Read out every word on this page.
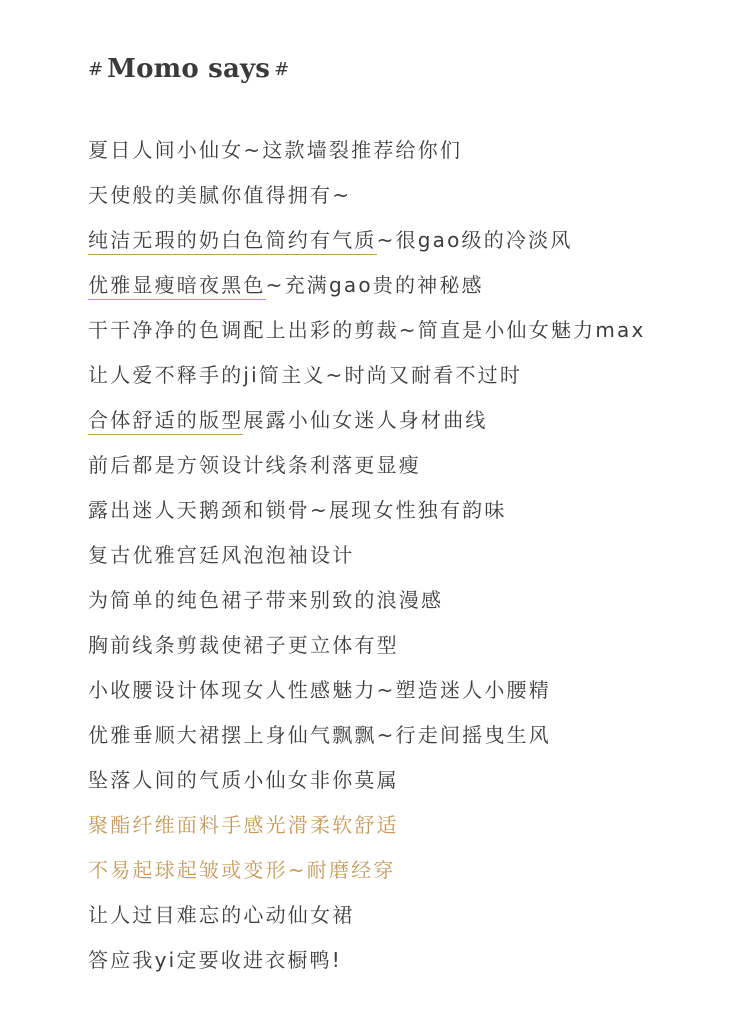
# Momo says #
夏日人间小仙女~这款墙裂推荐给你们
天使般的美腻你值得拥有~
纯洁无瑕的奶白色简约有气质~很gao级的冷淡风
优雅显瘦暗夜黑色~充满gao贵的神秘感
干干净净的色调配上出彩的剪裁~简直是小仙女魅力max
让人爱不释手的ji简主义~时尚又耐看不过时
合体舒适的版型展露小仙女迷人身材曲线
前后都是方领设计线条利落更显瘦
露出迷人天鹅颈和锁骨~展现女性独有韵味
复古优雅宫廷风泡泡袖设计
为简单的纯色裙子带来别致的浪漫感
胸前线条剪裁使裙子更立体有型
小收腰设计体现女人性感魅力~塑造迷人小腰精
优雅垂顺大裙摆上身仙气飘飘~行走间摇曳生风
坠落人间的气质小仙女非你莫属
聚酯纤维面料手感光滑柔软舒适
不易起球起皱或变形~耐磨经穿
让人过目难忘的心动仙女裙
答应我yi定要收进衣橱鸭!
